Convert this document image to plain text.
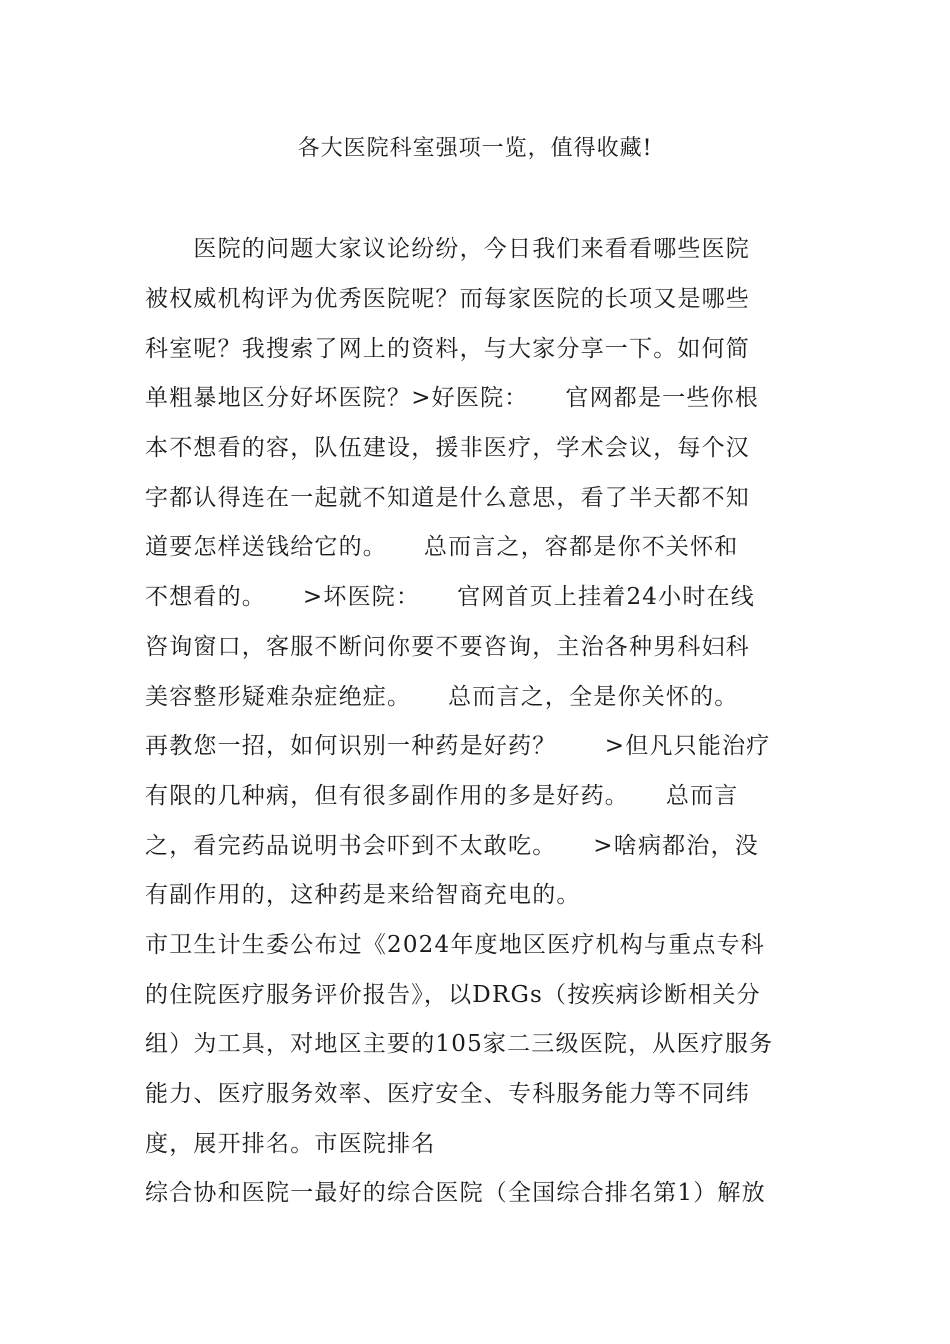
各大医院科室强项一览，值得收藏!
　　医院的问题大家议论纷纷，今日我们来看看哪些医院
被权威机构评为优秀医院呢？而每家医院的长项又是哪些
科室呢？我搜索了网上的资料，与大家分享一下。如何简
单粗暴地区分好坏医院？>好医院：　　官网都是一些你根
本不想看的容，队伍建设，援非医疗，学术会议，每个汉
字都认得连在一起就不知道是什么意思，看了半天都不知
道要怎样送钱给它的。　　总而言之，容都是你不关怀和
不想看的。　　>坏医院：　　官网首页上挂着24小时在线
咨询窗口，客服不断问你要不要咨询，主治各种男科妇科
美容整形疑难杂症绝症。　　总而言之，全是你关怀的。
再教您一招，如何识别一种药是好药？　　>但凡只能治疗
有限的几种病，但有很多副作用的多是好药。　　总而言
之，看完药品说明书会吓到不太敢吃。　　>啥病都治，没
有副作用的，这种药是来给智商充电的。
市卫生计生委公布过《2024年度地区医疗机构与重点专科
的住院医疗服务评价报告》，以DRGs（按疾病诊断相关分
组）为工具，对地区主要的105家二三级医院，从医疗服务
能力、医疗服务效率、医疗安全、专科服务能力等不同纬
度，展开排名。市医院排名
综合协和医院一最好的综合医院（全国综合排名第1）解放
